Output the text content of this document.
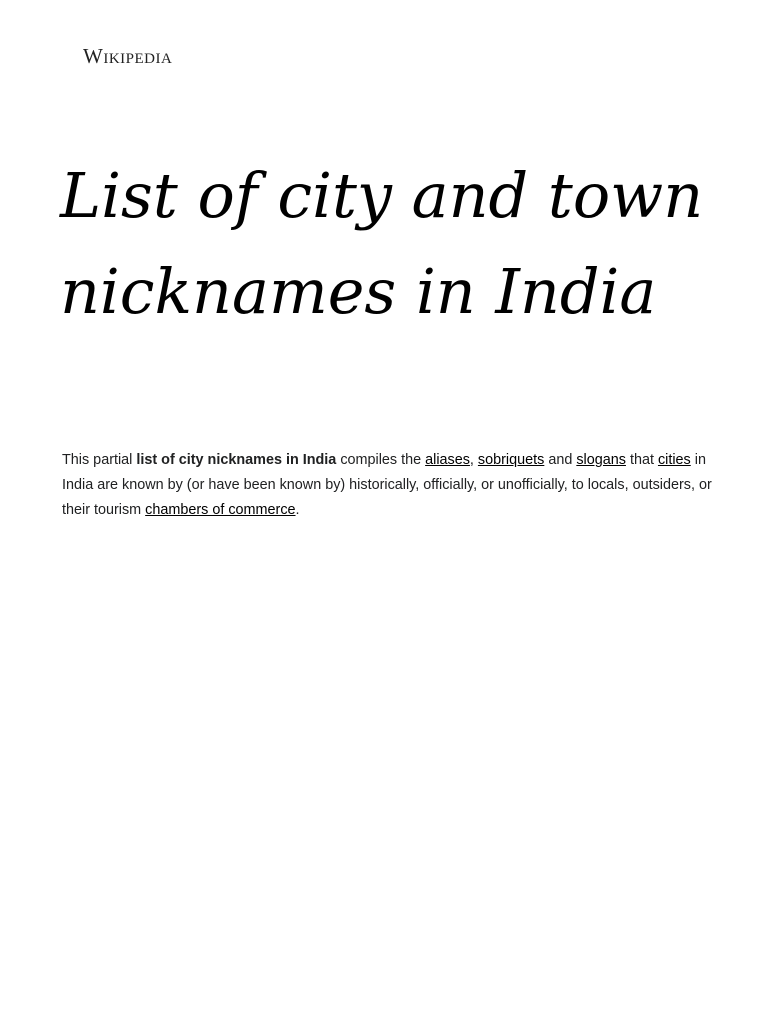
Wikipedia
List of city and town nicknames in India

This partial list of city nicknames in India compiles the aliases, sobriquets and slogans that cities in India are known by (or have been known by) historically, officially, or unofficially, to locals, outsiders, or their tourism chambers of commerce.
